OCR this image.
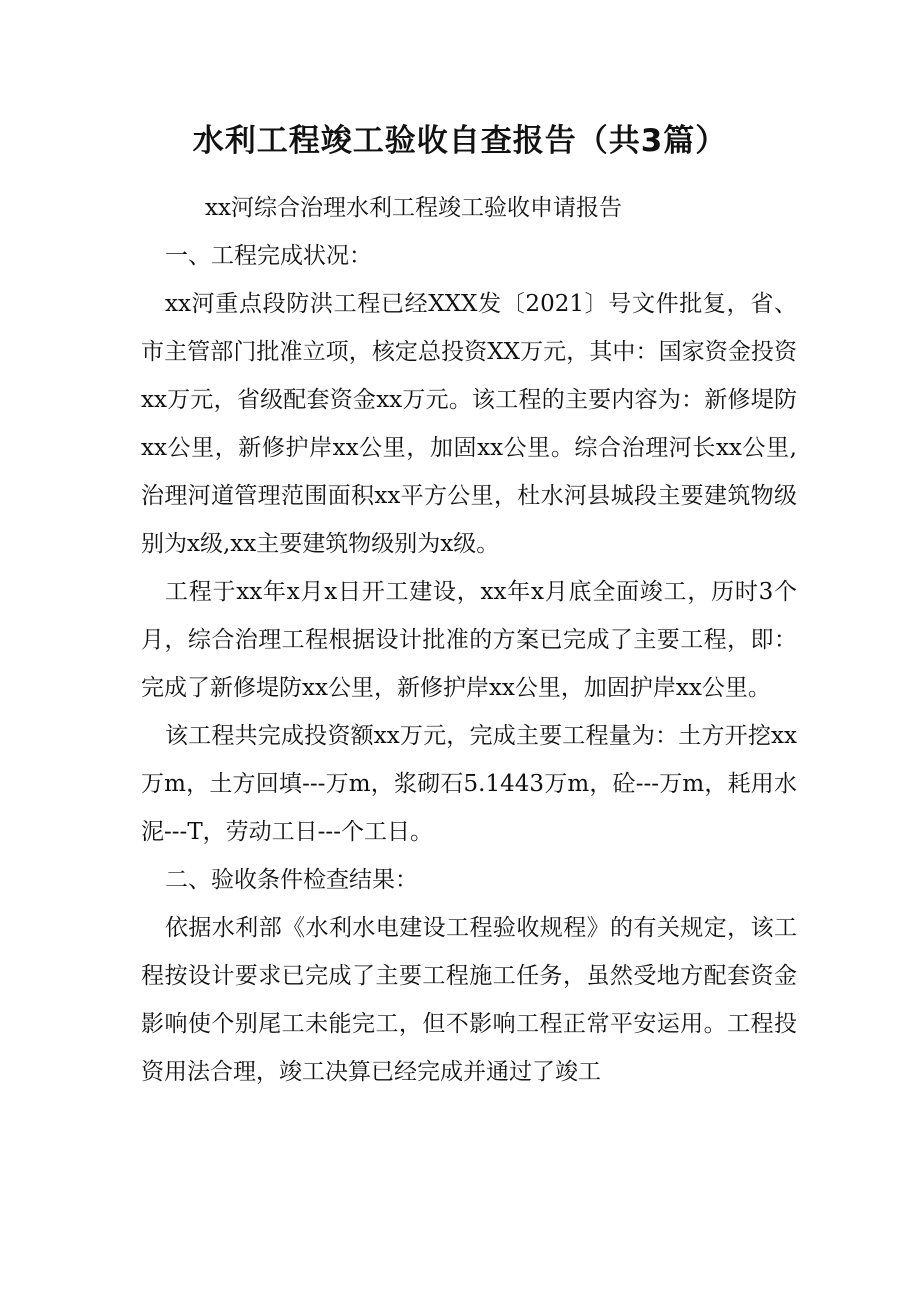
水利工程竣工验收自查报告（共3篇）

xx河综合治理水利工程竣工验收申请报告

一、工程完成状况：

xx河重点段防洪工程已经XXX发〔2021〕号文件批复，省、市主管部门批准立项，核定总投资XX万元，其中：国家资金投资xx万元，省级配套资金xx万元。该工程的主要内容为：新修堤防xx公里，新修护岸xx公里，加固xx公里。综合治理河长xx公里,治理河道管理范围面积xx平方公里，杜水河县城段主要建筑物级别为x级,xx主要建筑物级别为x级。

工程于xx年x月x日开工建设，xx年x月底全面竣工，历时3个月，综合治理工程根据设计批准的方案已完成了主要工程，即：完成了新修堤防xx公里，新修护岸xx公里，加固护岸xx公里。

该工程共完成投资额xx万元，完成主要工程量为：土方开挖xx万m，土方回填---万m，浆砌石5.1443万m，砼---万m，耗用水泥---T，劳动工日---个工日。

二、验收条件检查结果：

依据水利部《水利水电建设工程验收规程》的有关规定，该工程按设计要求已完成了主要工程施工任务，虽然受地方配套资金影响使个别尾工未能完工，但不影响工程正常平安运用。工程投资用法合理，竣工决算已经完成并通过了竣工
